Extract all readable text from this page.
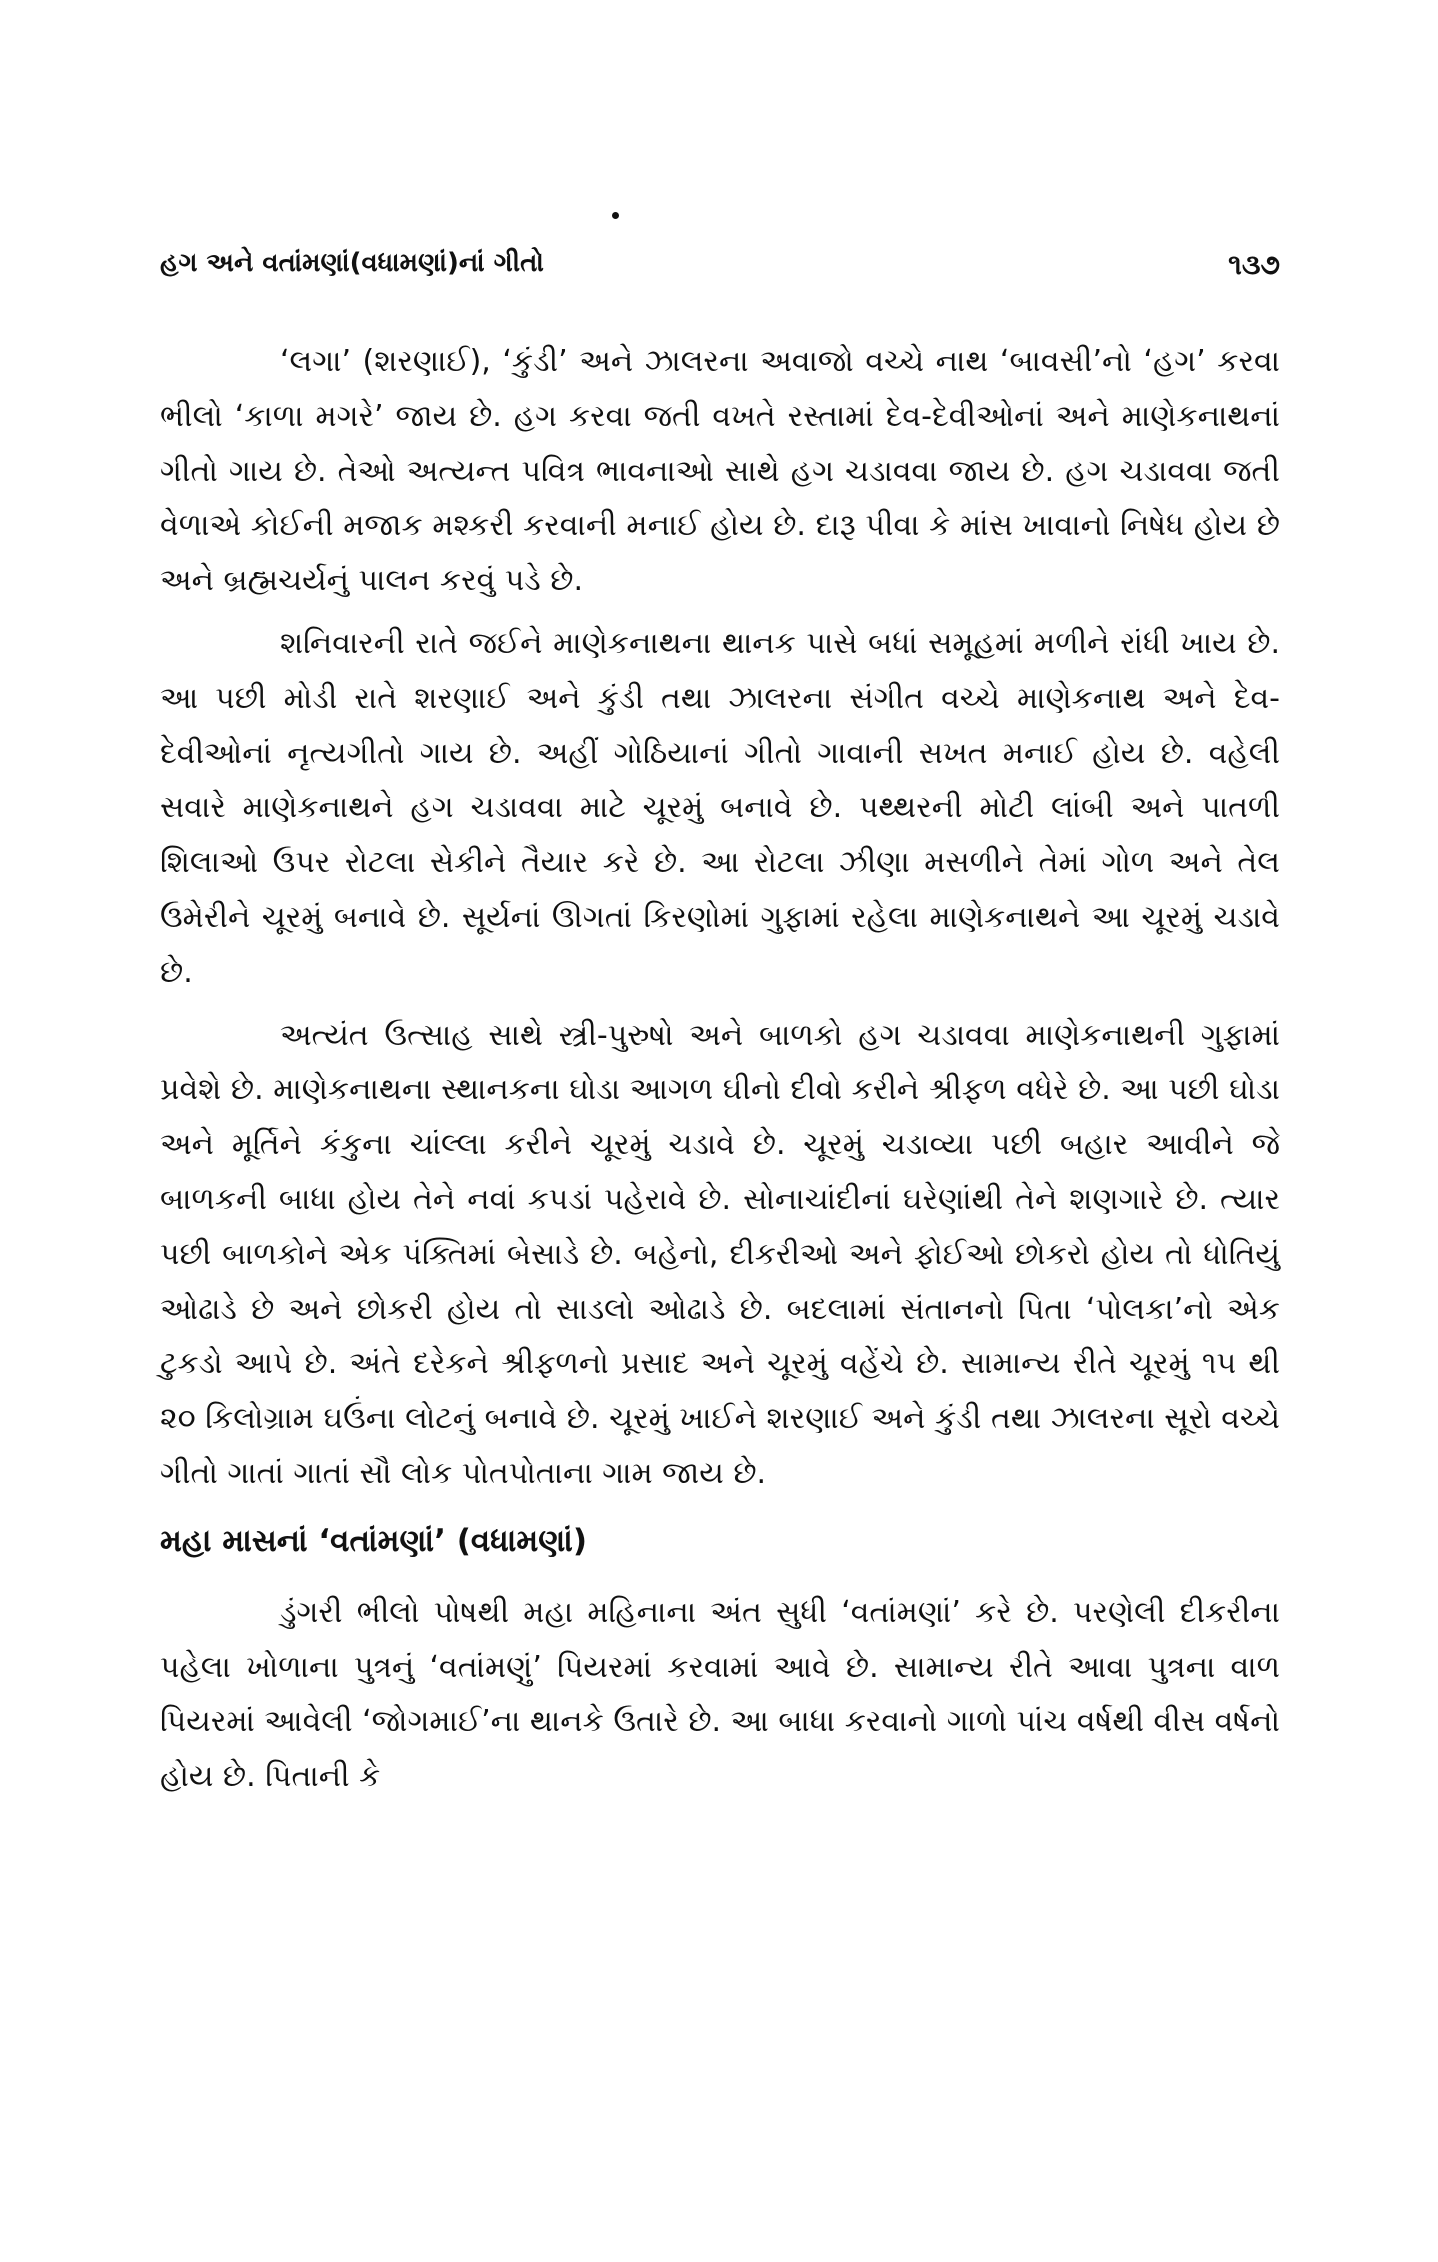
હગ અને વતાંમણાં(વધામણાં)નાં ગીતો	૧૩૭

‘લગા’ (શરણાઈ), ‘કુંડી’ અને ઝાલરના અવાજો વચ્ચે નાથ ‘બાવસી’નો ‘હગ’ કરવા ભીલો ‘કાળા મગરે’ જાય છે. હગ કરવા જતી વખતે રસ્તામાં દેવ-દેવીઓનાં અને માણેકનાથનાં ગીતો ગાય છે. તેઓ અત્યન્ત પવિત્ર ભાવનાઓ સાથે હગ ચડાવવા જાય છે. હગ ચડાવવા જતી વેળાએ કોઈની મજાક મશ્કરી કરવાની મનાઈ હોય છે. દારૂ પીવા કે માંસ ખાવાનો નિષેધ હોય છે અને બ્રહ્મચર્યનું પાલન કરવું પડે છે.

શનિવારની રાતે જઈને માણેકનાથના થાનક પાસે બધાં સમૂહમાં મળીને રાંધી ખાય છે. આ પછી મોડી રાતે શરણાઈ અને કુંડી તથા ઝાલરના સંગીત વચ્ચે માણેકનાથ અને દેવ-દેવીઓનાં નૃત્યગીતો ગાય છે. અહીં ગોઠિયાનાં ગીતો ગાવાની સખત મનાઈ હોય છે. વહેલી સવારે માણેકનાથને હગ ચડાવવા માટે ચૂરમું બનાવે છે. પથ્થરની મોટી લાંબી અને પાતળી શિલાઓ ઉપર રોટલા સેકીને તૈયાર કરે છે. આ રોટલા ઝીણા મસળીને તેમાં ગોળ અને તેલ ઉમેરીને ચૂરમું બનાવે છે. સૂર્યનાં ઊગતાં કિરણોમાં ગુફામાં રહેલા માણેકનાથને આ ચૂરમું ચડાવે છે.

અત્યંત ઉત્સાહ સાથે સ્ત્રી-પુરુષો અને બાળકો હગ ચડાવવા માણેકનાથની ગુફામાં પ્રવેશે છે. માણેકનાથના સ્થાનકના ઘોડા આગળ ઘીનો દીવો કરીને શ્રીફળ વધેરે છે. આ પછી ઘોડા અને મૂર્તિને કંકુના ચાંલ્લા કરીને ચૂરમું ચડાવે છે. ચૂરમું ચડાવ્યા પછી બહાર આવીને જે બાળકની બાધા હોય તેને નવાં કપડાં પહેરાવે છે. સોનાચાંદીનાં ઘરેણાંથી તેને શણગારે છે. ત્યાર પછી બાળકોને એક પંક્તિમાં બેસાડે છે. બહેનો, દીકરીઓ અને ફોઈઓ છોકરો હોય તો ધોતિયું ઓઢાડે છે અને છોકરી હોય તો સાડલો ઓઢાડે છે. બદલામાં સંતાનનો પિતા ‘પોલકા’નો એક ટુકડો આપે છે. અંતે દરેકને શ્રીફળનો પ્રસાદ અને ચૂરમું વહેંચે છે. સામાન્ય રીતે ચૂરમું ૧૫ થી ૨૦ કિલોગ્રામ ઘઉંના લોટનું બનાવે છે. ચૂરમું ખાઈને શરણાઈ અને કુંડી તથા ઝાલરના સૂરો વચ્ચે ગીતો ગાતાં ગાતાં સૌ લોક પોતપોતાના ગામ જાય છે.

મહા માસનાં ‘વતાંમણાં’ (વધામણાં)

ડુંગરી ભીલો પોષથી મહા મહિનાના અંત સુધી ‘વતાંમણાં’ કરે છે. પરણેલી દીકરીના પહેલા ખોળાના પુત્રનું ‘વતાંમણું’ પિયરમાં કરવામાં આવે છે. સામાન્ય રીતે આવા પુત્રના વાળ પિયરમાં આવેલી ‘જોગમાઈ’ના થાનકે ઉતારે છે. આ બાધા કરવાનો ગાળો પાંચ વર્ષથી વીસ વર્ષનો હોય છે. પિતાની કે
